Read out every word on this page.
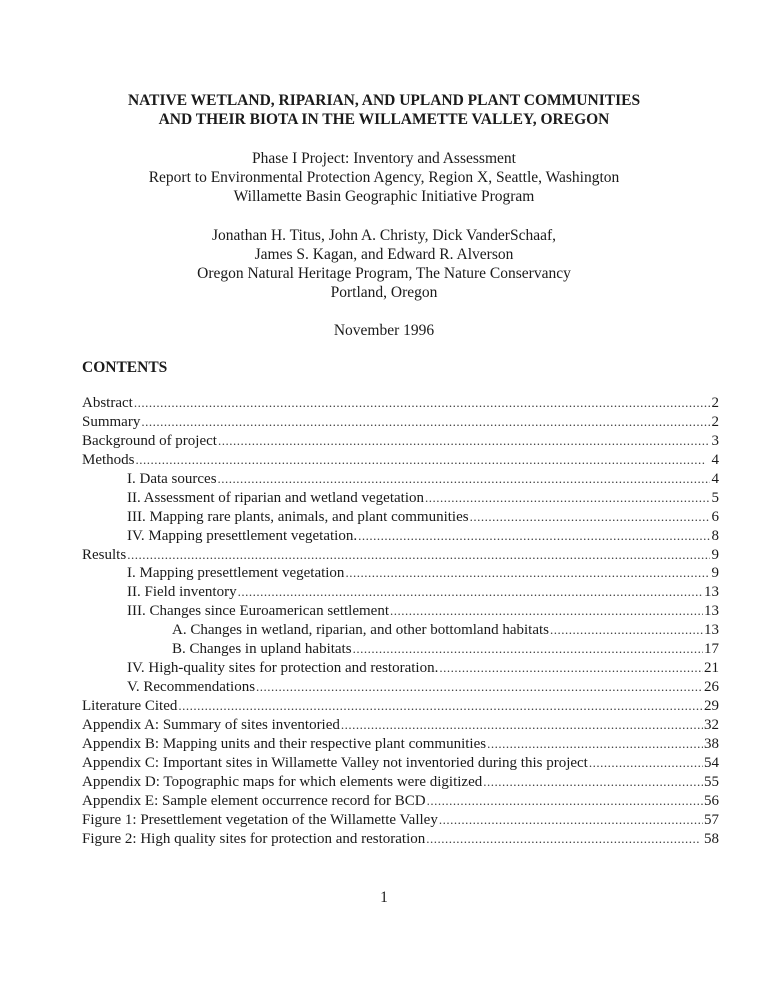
NATIVE WETLAND, RIPARIAN, AND UPLAND PLANT COMMUNITIES
AND THEIR BIOTA IN THE WILLAMETTE VALLEY, OREGON
Phase I Project: Inventory and Assessment
Report to Environmental Protection Agency, Region X, Seattle, Washington
Willamette Basin Geographic Initiative Program
Jonathan H. Titus, John A. Christy, Dick VanderSchaaf,
James S. Kagan, and Edward R. Alverson
Oregon Natural Heritage Program, The Nature Conservancy
Portland, Oregon
November 1996
CONTENTS
Abstract .....	2
Summary .....	2
Background of project .....	3
Methods .....	4
I. Data sources .....	4
II. Assessment of riparian and wetland vegetation .....	5
III. Mapping rare plants, animals, and plant communities .....	6
IV. Mapping presettlement vegetation. .....	8
Results .....	9
I. Mapping presettlement vegetation .....	9
II. Field inventory .....	13
III. Changes since Euroamerican settlement .....	13
A. Changes in wetland, riparian, and other bottomland habitats .....	13
B. Changes in upland habitats .....	17
IV. High-quality sites for protection and restoration. .....	21
V. Recommendations .....	26
Literature Cited .....	29
Appendix A: Summary of sites inventoried .....	32
Appendix B: Mapping units and their respective plant communities .....	38
Appendix C: Important sites in Willamette Valley not inventoried during this project .....	54
Appendix D: Topographic maps for which elements were digitized .....	55
Appendix E: Sample element occurrence record for BCD .....	56
Figure 1: Presettlement vegetation of the Willamette Valley .....	57
Figure 2: High quality sites for protection and restoration .....	58
1
